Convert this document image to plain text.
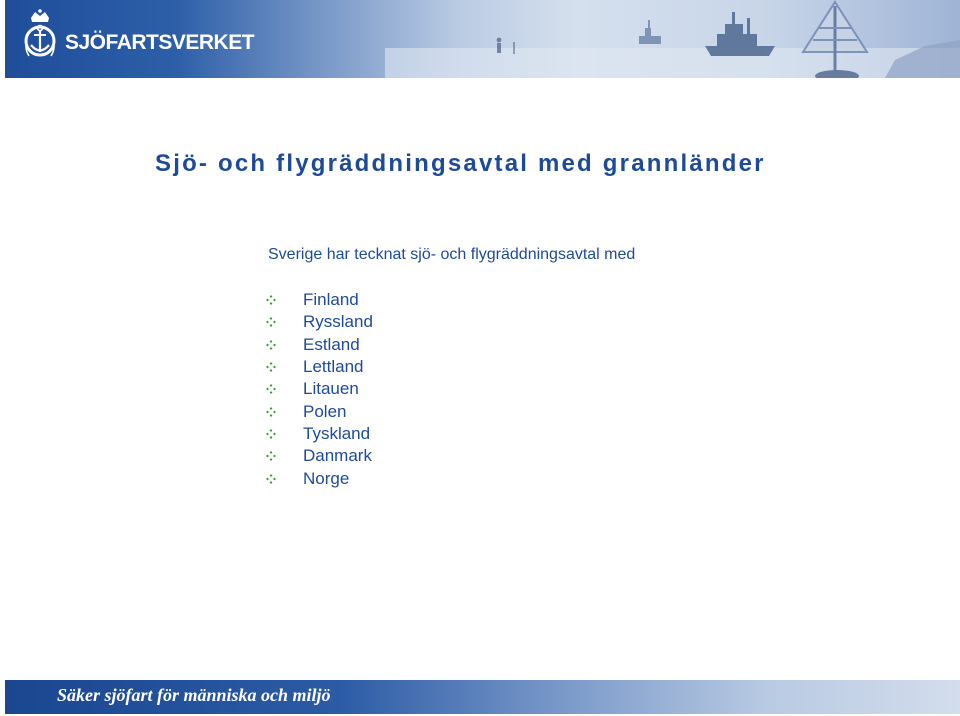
SJÖFARTSVERKET
Sjö- och flygräddningsavtal med grannländer

Sverige har tecknat sjö- och flygräddningsavtal med

Finland
Ryssland
Estland
Lettland
Litauen
Polen
Tyskland
Danmark
Norge
Säker sjöfart för människa och miljö
